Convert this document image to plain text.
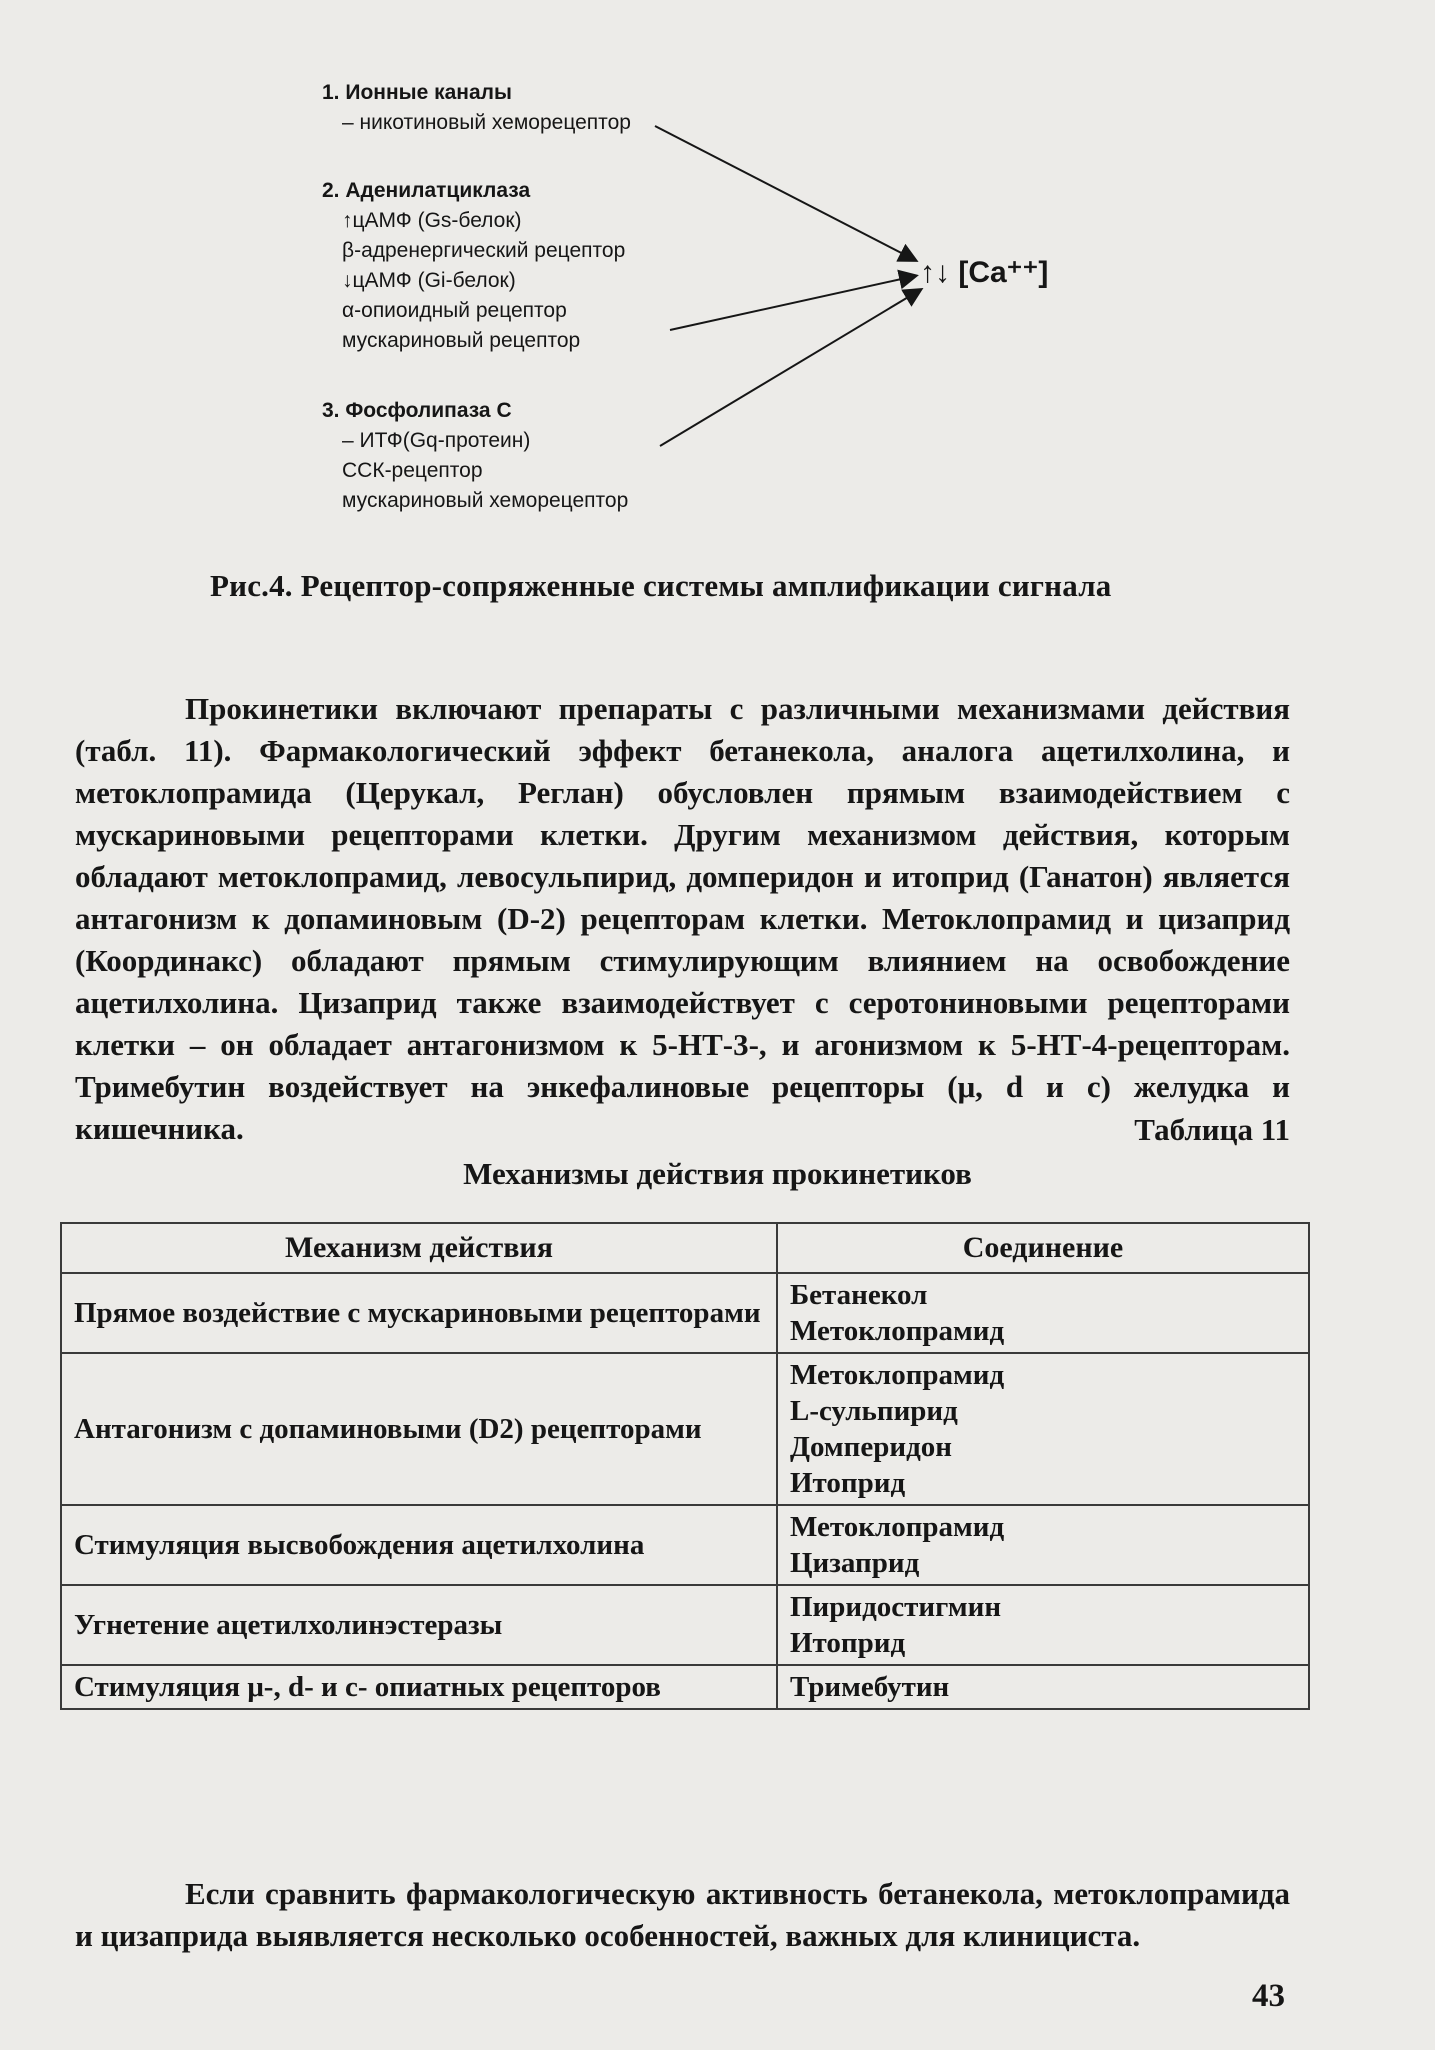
1. Ионные каналы
– никотиновый хеморецептор
2. Аденилатциклаза
↑цАМФ (Gs-белок)
β-адренергический рецептор
↓цАМФ (Gi-белок)
α-опиоидный рецептор
мускариновый рецептор
3. Фосфолипаза С
– ИТФ(Gq-протеин)
ССК-рецептор
мускариновый хеморецептор
↑↓ [Ca⁺⁺]
Рис.4. Рецептор-сопряженные системы амплификации сигнала

Прокинетики включают препараты с различными механизмами действия (табл. 11). Фармакологический эффект бетанекола, аналога ацетилхолина, и метоклопрамида (Церукал, Реглан) обусловлен прямым взаимодействием с мускариновыми рецепторами клетки. Другим механизмом действия, которым обладают метоклопрамид, левосульпирид, домперидон и итоприд (Ганатон) является антагонизм к допаминовым (D-2) рецепторам клетки. Метоклопрамид и цизаприд (Координакс) обладают прямым стимулирующим влиянием на освобождение ацетилхолина. Цизаприд также взаимодействует с серотониновыми рецепторами клетки – он обладает антагонизмом к 5-НТ-3-, и агонизмом к 5-НТ-4-рецепторам. Тримебутин воздействует на энкефалиновые рецепторы (μ, d и c) желудка и кишечника.	Таблица 11
Механизмы действия прокинетиков
Механизм действия	Соединение
Прямое воздействие с мускариновыми рецепторами	Бетанекол
Метоклопрамид

Антагонизм с допаминовыми (D2) рецепторами	Метоклопрамид
L-сульпирид
Домперидон
Итоприд

Стимуляция высвобождения ацетилхолина	Метоклопрамид
Цизаприд

Угнетение ацетилхолинэстеразы	Пиридостигмин
Итоприд

Стимуляция μ-, d- и c- опиатных рецепторов	Тримебутин

Если сравнить фармакологическую активность бетанекола, метоклопрамида и цизаприда выявляется несколько особенностей, важных для клинициста.

43
